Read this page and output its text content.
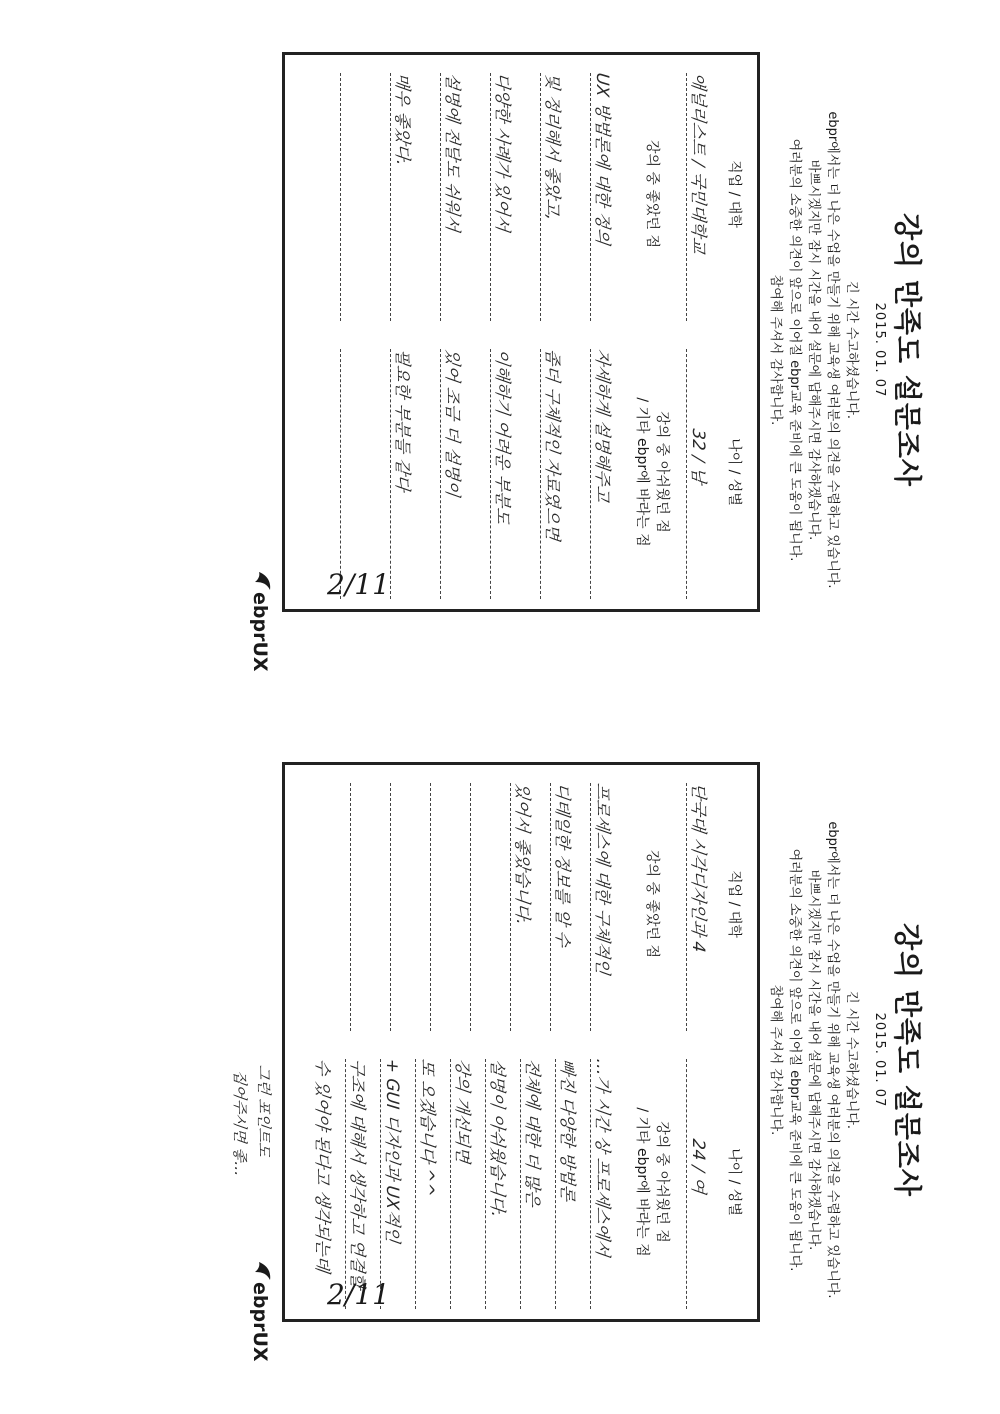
강의 만족도 설문조사
2015. 01. 07
긴 시간 수고하셨습니다.
ebpr에서는 더 나은 수업을 만들기 위해 교육생 여러분의 의견을 수렴하고 있습니다.
바쁘시겠지만 잠시 시간을 내어 설문에 답해주시면 감사하겠습니다.
여러분의 소중한 의견이 앞으로 이어질 ebpr교육 준비에 큰 도움이 됩니다.
참여해 주셔서 감사합니다.
직업 / 대학
나이 / 성별
애널리스트 / 국민대학교
32 / 남
강의 중 좋았던 점
강의 중 아쉬웠던 점
/ 기타 ebpr에 바라는 점
UX 방법론에 대한 정의
및 정리해서 좋았고,
다양한 사례가 있어서
설명에 전달도 쉬워서
매우 좋았다.
자세하게 설명해주고
좀더 구체적인 자료였으면
이해하기 어려운 부분도
있어 조금 더 설명이
필요한 부분들 같다
2/11
ebprUX
강의 만족도 설문조사
2015. 01. 07
긴 시간 수고하셨습니다.
ebpr에서는 더 나은 수업을 만들기 위해 교육생 여러분의 의견을 수렴하고 있습니다.
바쁘시겠지만 잠시 시간을 내어 설문에 답해주시면 감사하겠습니다.
여러분의 소중한 의견이 앞으로 이어질 ebpr교육 준비에 큰 도움이 됩니다.
참여해 주셔서 감사합니다.
직업 / 대학
나이 / 성별
단국대 시각디자인과 4
24 / 여
강의 중 좋았던 점
강의 중 아쉬웠던 점
/ 기타 ebpr에 바라는 점
프로세스에 대한 구체적인
디테일한 정보를 알 수
있어서 좋았습니다.
…가 시간 상 프로세스에서
빠진 다양한 방법론
전체에 대한 더 많은
설명이 아쉬웠습니다.
강의 개선되면
또 오겠습니다 ^^
+ GUI 디자인과 UX적인
구조에 대해서 생각하고 연결할
수 있어야 된다고 생각되는데
그런 포인트도
집어주시면 좋…
2/11
ebprUX
